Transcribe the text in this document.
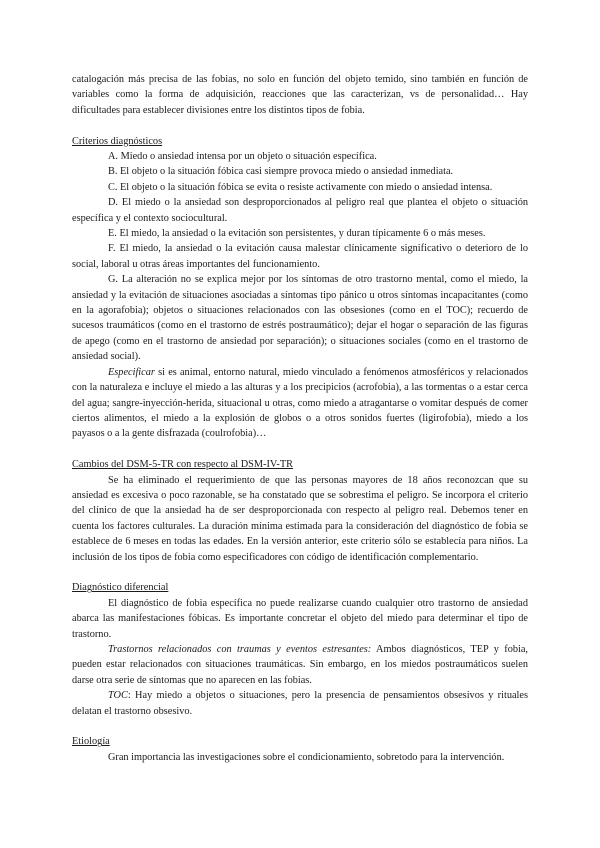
catalogación más precisa de las fobias, no solo en función del objeto temido, sino también en función de variables como la forma de adquisición, reacciones que las caracterizan, vs de personalidad… Hay dificultades para establecer divisiones entre los distintos tipos de fobia.

Criterios diagnósticos

A. Miedo o ansiedad intensa por un objeto o situación específica.

B. El objeto o la situación fóbica casi siempre provoca miedo o ansiedad inmediata.

C. El objeto o la situación fóbica se evita o resiste activamente con miedo o ansiedad intensa.

D. El miedo o la ansiedad son desproporcionados al peligro real que plantea el objeto o situación específica y el contexto sociocultural.

E. El miedo, la ansiedad o la evitación son persistentes, y duran típicamente 6 o más meses.

F. El miedo, la ansiedad o la evitación causa malestar clínicamente significativo o deterioro de lo social, laboral u otras áreas importantes del funcionamiento.

G. La alteración no se explica mejor por los síntomas de otro trastorno mental, como el miedo, la ansiedad y la evitación de situaciones asociadas a síntomas tipo pánico u otros síntomas incapacitantes (como en la agorafobia); objetos o situaciones relacionados con las obsesiones (como en el TOC); recuerdo de sucesos traumáticos (como en el trastorno de estrés postraumático); dejar el hogar o separación de las figuras de apego (como en el trastorno de ansiedad por separación); o situaciones sociales (como en el trastorno de ansiedad social).

Especificar si es animal, entorno natural, miedo vinculado a fenómenos atmosféricos y relacionados con la naturaleza e incluye el miedo a las alturas y a los precipicios (acrofobia), a las tormentas o a estar cerca del agua; sangre-inyección-herida, situacional u otras, como miedo a atragantarse o vomitar después de comer ciertos alimentos, el miedo a la explosión de globos o a otros sonidos fuertes (ligirofobia), miedo a los payasos o a la gente disfrazada (coulrofobia)…

Cambios del DSM-5-TR con respecto al DSM-IV-TR

Se ha eliminado el requerimiento de que las personas mayores de 18 años reconozcan que su ansiedad es excesiva o poco razonable, se ha constatado que se sobrestima el peligro. Se incorpora el criterio del clínico de que la ansiedad ha de ser desproporcionada con respecto al peligro real. Debemos tener en cuenta los factores culturales. La duración mínima estimada para la consideración del diagnóstico de fobia se establece de 6 meses en todas las edades. En la versión anterior, este criterio sólo se establecía para niños. La inclusión de los tipos de fobia como especificadores con código de identificación complementario.

Diagnóstico diferencial

El diagnóstico de fobia específica no puede realizarse cuando cualquier otro trastorno de ansiedad abarca las manifestaciones fóbicas. Es importante concretar el objeto del miedo para determinar el tipo de trastorno.

Trastornos relacionados con traumas y eventos estresantes: Ambos diagnósticos, TEP y fobia, pueden estar relacionados con situaciones traumáticas. Sin embargo, en los miedos postraumáticos suelen darse otra serie de síntomas que no aparecen en las fobias.

TOC: Hay miedo a objetos o situaciones, pero la presencia de pensamientos obsesivos y rituales delatan el trastorno obsesivo.

Etiología

Gran importancia las investigaciones sobre el condicionamiento, sobretodo para la intervención.
